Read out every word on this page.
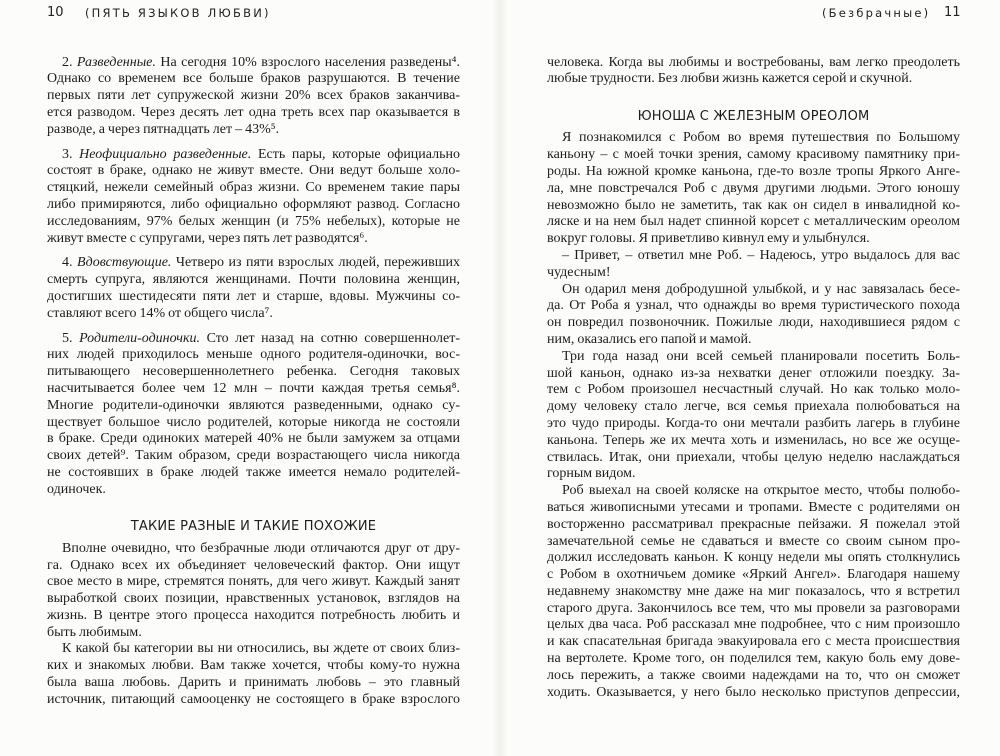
10 (ПЯТЬ ЯЗЫКОВ ЛЮБВИ)	(Безбрачные) 11
2. Разведенные. На сегодня 10% взрослого населения разведены⁴.
Однако со временем все больше браков разрушаются. В течение
первых пяти лет супружеской жизни 20% всех браков заканчива-
ется разводом. Через десять лет одна треть всех пар оказывается в
разводе, а через пятнадцать лет – 43%⁵.
3. Неофициально разведенные. Есть пары, которые официально
состоят в браке, однако не живут вместе. Они ведут больше холо-
стяцкий, нежели семейный образ жизни. Со временем такие пары
либо примиряются, либо официально оформляют развод. Согласно
исследованиям, 97% белых женщин (и 75% небелых), которые не
живут вместе с супругами, через пять лет разводятся⁶.
4. Вдовствующие. Четверо из пяти взрослых людей, переживших
смерть супруга, являются женщинами. Почти половина женщин,
достигших шестидесяти пяти лет и старше, вдовы. Мужчины со-
ставляют всего 14% от общего числа⁷.
5. Родители-одиночки. Сто лет назад на сотню совершеннолет-
них людей приходилось меньше одного родителя-одиночки, вос-
питывающего несовершеннолетнего ребенка. Сегодня таковых
насчитывается более чем 12 млн – почти каждая третья семья⁸.
Многие родители-одиночки являются разведенными, однако су-
ществует большое число родителей, которые никогда не состояли
в браке. Среди одиноких матерей 40% не были замужем за отцами
своих детей⁹. Таким образом, среди возрастающего числа никогда
не состоявших в браке людей также имеется немало родителей-
одиночек.
ТАКИЕ РАЗНЫЕ И ТАКИЕ ПОХОЖИЕ
Вполне очевидно, что безбрачные люди отличаются друг от дру-
га. Однако всех их объединяет человеческий фактор. Они ищут
свое место в мире, стремятся понять, для чего живут. Каждый занят
выработкой своих позиции, нравственных установок, взглядов на
жизнь. В центре этого процесса находится потребность любить и
быть любимым.
К какой бы категории вы ни относились, вы ждете от своих близ-
ких и знакомых любви. Вам также хочется, чтобы кому-то нужна
была ваша любовь. Дарить и принимать любовь – это главный
источник, питающий самооценку не состоящего в браке взрослого
человека. Когда вы любимы и востребованы, вам легко преодолеть
любые трудности. Без любви жизнь кажется серой и скучной.
ЮНОША С ЖЕЛЕЗНЫМ ОРЕОЛОМ
Я познакомился с Робом во время путешествия по Большому
каньону – с моей точки зрения, самому красивому памятнику при-
роды. На южной кромке каньона, где-то возле тропы Яркого Анге-
ла, мне повстречался Роб с двумя другими людьми. Этого юношу
невозможно было не заметить, так как он сидел в инвалидной ко-
ляске и на нем был надет спинной корсет с металлическим ореолом
вокруг головы. Я приветливо кивнул ему и улыбнулся.
– Привет, – ответил мне Роб. – Надеюсь, утро выдалось для вас
чудесным!
Он одарил меня добродушной улыбкой, и у нас завязалась бесе-
да. От Роба я узнал, что однажды во время туристического похода
он повредил позвоночник. Пожилые люди, находившиеся рядом с
ним, оказались его папой и мамой.
Три года назад они всей семьей планировали посетить Боль-
шой каньон, однако из-за нехватки денег отложили поездку. За-
тем с Робом произошел несчастный случай. Но как только моло-
дому человеку стало легче, вся семья приехала полюбоваться на
это чудо природы. Когда-то они мечтали разбить лагерь в глубине
каньона. Теперь же их мечта хоть и изменилась, но все же осуще-
ствилась. Итак, они приехали, чтобы целую неделю наслаждаться
горным видом.
Роб выехал на своей коляске на открытое место, чтобы полюбо-
ваться живописными утесами и тропами. Вместе с родителями он
восторженно рассматривал прекрасные пейзажи. Я пожелал этой
замечательной семье не сдаваться и вместе со своим сыном про-
должил исследовать каньон. К концу недели мы опять столкнулись
с Робом в охотничьем домике «Яркий Ангел». Благодаря нашему
недавнему знакомству мне даже на миг показалось, что я встретил
старого друга. Закончилось все тем, что мы провели за разговорами
целых два часа. Роб рассказал мне подробнее, что с ним произошло
и как спасательная бригада эвакуировала его с места происшествия
на вертолете. Кроме того, он поделился тем, какую боль ему дове-
лось пережить, а также своими надеждами на то, что он сможет
ходить. Оказывается, у него было несколько приступов депрессии,
